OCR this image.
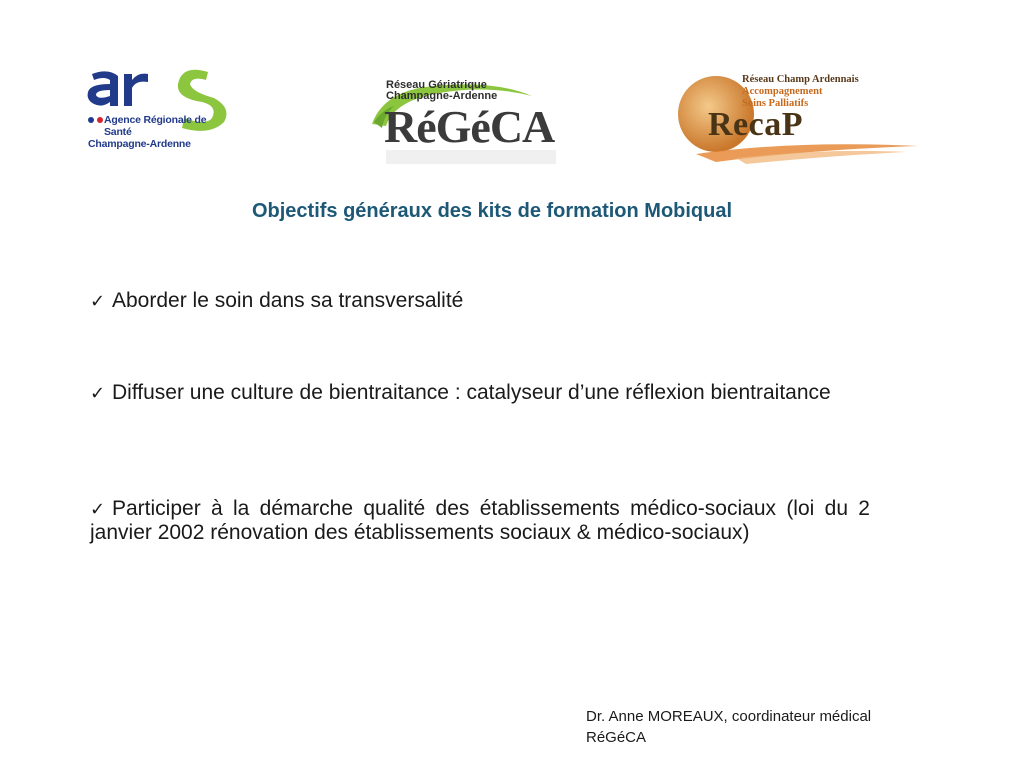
Agence Régionale de Santé
Champagne-Ardenne
Réseau Gériatrique
Champagne-Ardenne
RéGéCA
Réseau Champ Ardennais
Accompagnement
Soins Palliatifs
RecaP
Objectifs généraux des kits de formation Mobiqual
✓ Aborder le soin dans sa transversalité
✓ Diffuser une culture de bientraitance : catalyseur d’une réflexion bientraitance
✓ Participer à la démarche qualité des établissements médico-sociaux (loi du 2 janvier 2002 rénovation des établissements sociaux & médico-sociaux)
Dr. Anne MOREAUX, coordinateur médical
RéGéCA
